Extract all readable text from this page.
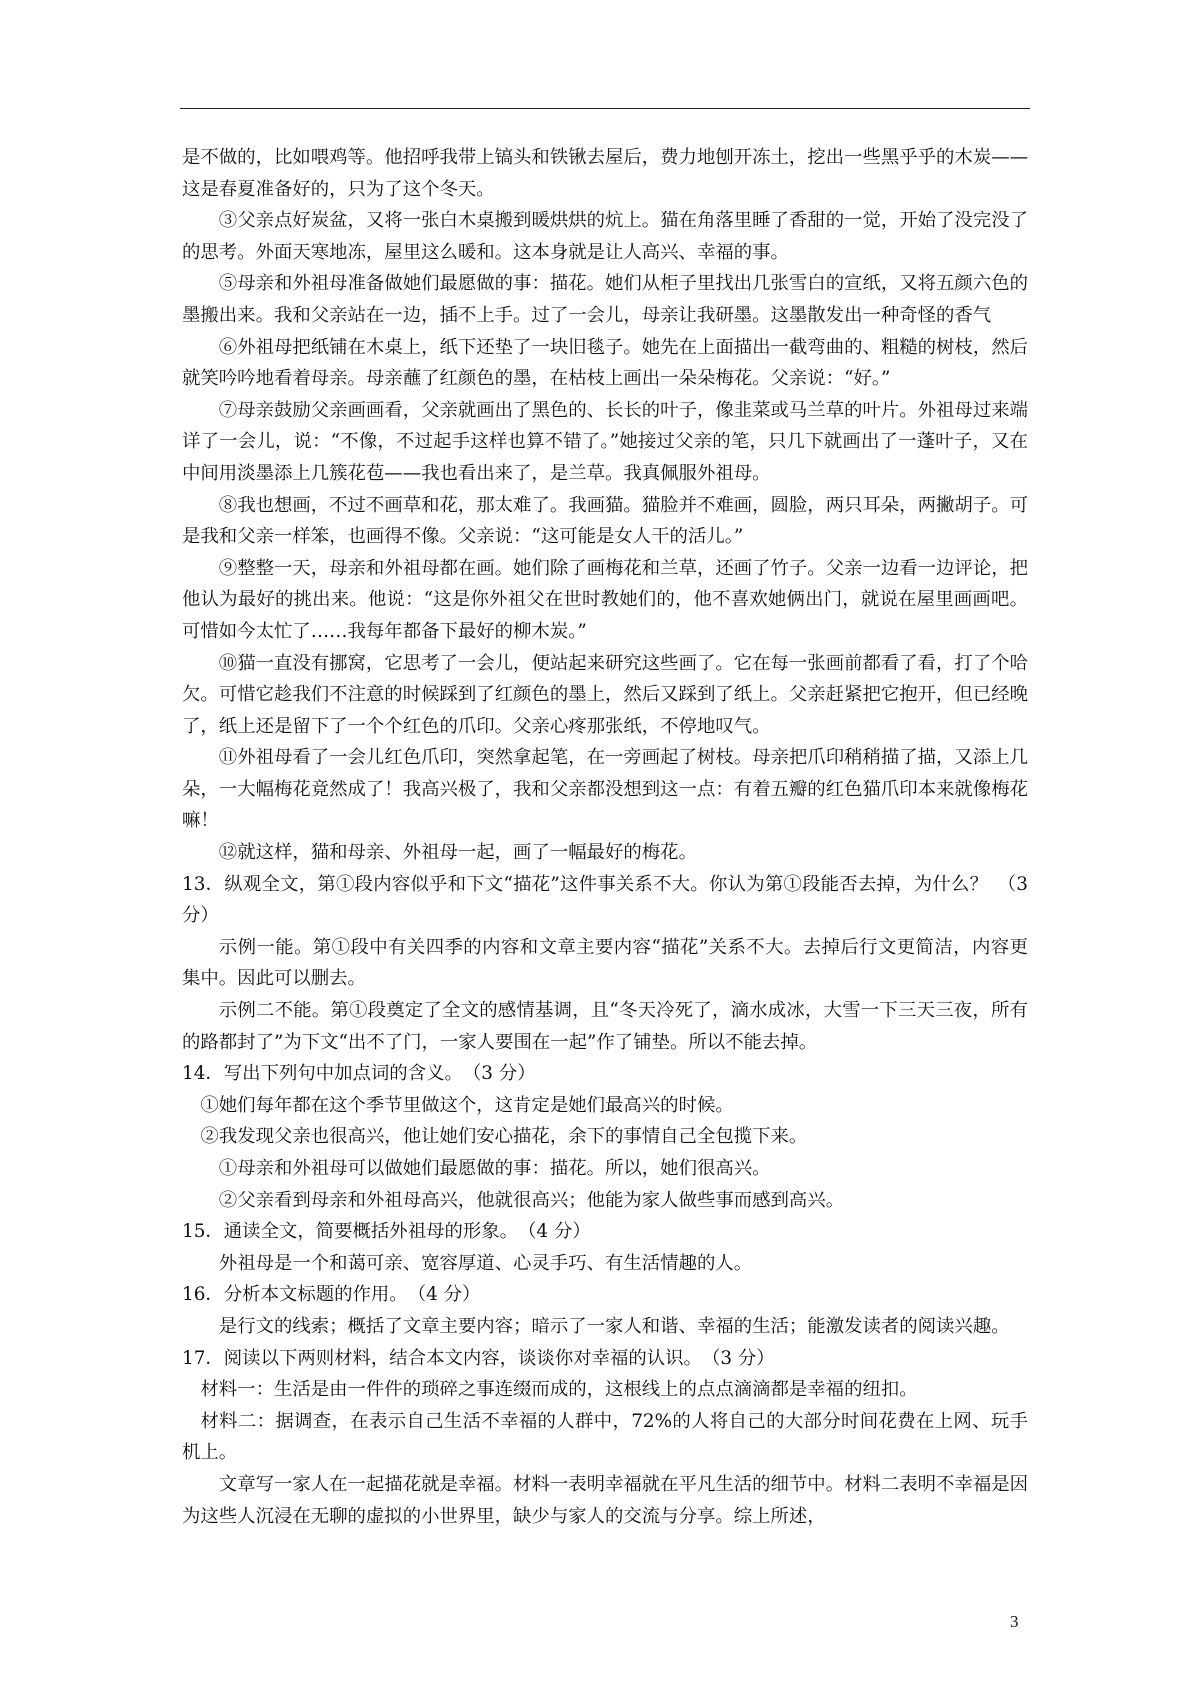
是不做的，比如喂鸡等。他招呼我带上镐头和铁锹去屋后，费力地刨开冻土，挖出一些黑乎乎的木炭——这是春夏准备好的，只为了这个冬天。

③父亲点好炭盆，又将一张白木桌搬到暖烘烘的炕上。猫在角落里睡了香甜的一觉，开始了没完没了的思考。外面天寒地冻，屋里这么暖和。这本身就是让人高兴、幸福的事。

⑤母亲和外祖母准备做她们最愿做的事：描花。她们从柜子里找出几张雪白的宣纸，又将五颜六色的墨搬出来。我和父亲站在一边，插不上手。过了一会儿，母亲让我研墨。这墨散发出一种奇怪的香气

⑥外祖母把纸铺在木桌上，纸下还垫了一块旧毯子。她先在上面描出一截弯曲的、粗糙的树枝，然后就笑吟吟地看着母亲。母亲蘸了红颜色的墨，在枯枝上画出一朵朵梅花。父亲说：“好。”

⑦母亲鼓励父亲画画看，父亲就画出了黑色的、长长的叶子，像韭菜或马兰草的叶片。外祖母过来端详了一会儿，说：“不像，不过起手这样也算不错了。”她接过父亲的笔，只几下就画出了一蓬叶子，又在中间用淡墨添上几簇花苞——我也看出来了，是兰草。我真佩服外祖母。

⑧我也想画，不过不画草和花，那太难了。我画猫。猫脸并不难画，圆脸，两只耳朵，两撇胡子。可是我和父亲一样笨，也画得不像。父亲说：“这可能是女人干的活儿。”

⑨整整一天，母亲和外祖母都在画。她们除了画梅花和兰草，还画了竹子。父亲一边看一边评论，把他认为最好的挑出来。他说：“这是你外祖父在世时教她们的，他不喜欢她俩出门，就说在屋里画画吧。可惜如今太忙了……我每年都备下最好的柳木炭。”

⑩猫一直没有挪窝，它思考了一会儿，便站起来研究这些画了。它在每一张画前都看了看，打了个哈欠。可惜它趁我们不注意的时候踩到了红颜色的墨上，然后又踩到了纸上。父亲赶紧把它抱开，但已经晚了，纸上还是留下了一个个红色的爪印。父亲心疼那张纸，不停地叹气。

⑪外祖母看了一会儿红色爪印，突然拿起笔，在一旁画起了树枝。母亲把爪印稍稍描了描，又添上几朵，一大幅梅花竟然成了！我高兴极了，我和父亲都没想到这一点：有着五瓣的红色猫爪印本来就像梅花嘛！

⑫就这样，猫和母亲、外祖母一起，画了一幅最好的梅花。

13．纵观全文，第①段内容似乎和下文“描花”这件事关系不大。你认为第①段能否去掉，为什么？　（3 分）

示例一能。第①段中有关四季的内容和文章主要内容“描花”关系不大。去掉后行文更简洁，内容更集中。因此可以删去。

示例二不能。第①段奠定了全文的感情基调，且“冬天冷死了，滴水成冰，大雪一下三天三夜，所有的路都封了”为下文“出不了门，一家人要围在一起”作了铺垫。所以不能去掉。

14．写出下列句中加点词的含义。　（3 分）

①她们每年都在这个季节里做这个，这肯定是她们最高兴的时候。

②我发现父亲也很高兴，他让她们安心描花，余下的事情自己全包揽下来。

①母亲和外祖母可以做她们最愿做的事：描花。所以，她们很高兴。

②父亲看到母亲和外祖母高兴，他就很高兴；他能为家人做些事而感到高兴。

15．通读全文，简要概括外祖母的形象。　（4 分）

外祖母是一个和蔼可亲、宽容厚道、心灵手巧、有生活情趣的人。

16．分析本文标题的作用。　（4 分）

是行文的线索；概括了文章主要内容；暗示了一家人和谐、幸福的生活；能激发读者的阅读兴趣。

17．阅读以下两则材料，结合本文内容，谈谈你对幸福的认识。　（3 分）

材料一：生活是由一件件的琐碎之事连缀而成的，这根线上的点点滴滴都是幸福的纽扣。

材料二：据调查，在表示自己生活不幸福的人群中，72%的人将自己的大部分时间花费在上网、玩手机上。

文章写一家人在一起描花就是幸福。材料一表明幸福就在平凡生活的细节中。材料二表明不幸福是因为这些人沉浸在无聊的虚拟的小世界里，缺少与家人的交流与分享。综上所述，

3
